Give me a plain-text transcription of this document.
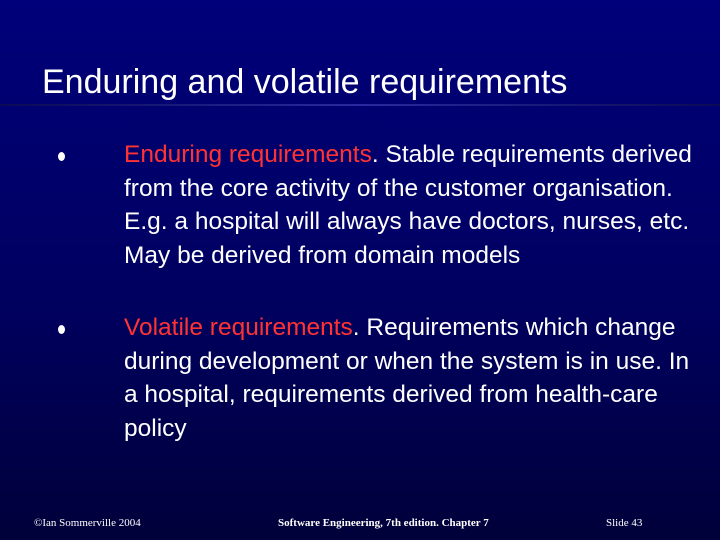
Enduring and volatile requirements
Enduring requirements. Stable requirements derived from the core activity of the customer organisation. E.g. a hospital will always have doctors, nurses, etc. May be derived from domain models
Volatile requirements. Requirements which change during development or when the system is in use. In a hospital, requirements derived from health-care policy
©Ian Sommerville 2004	Software Engineering, 7th edition. Chapter 7	Slide 43
